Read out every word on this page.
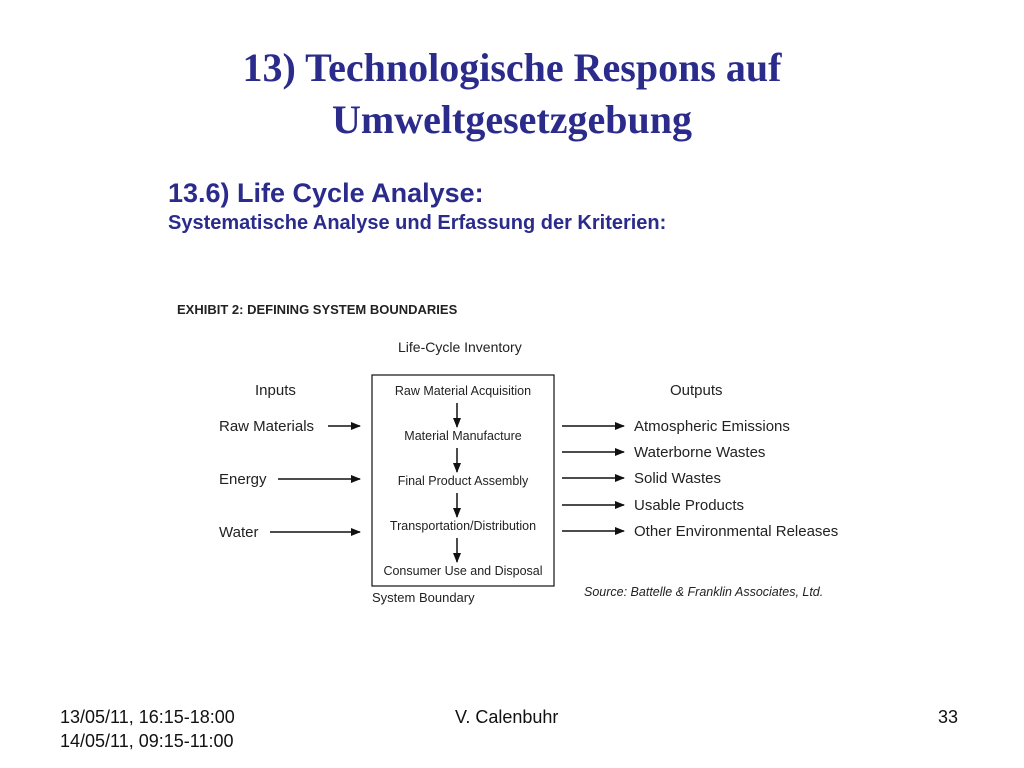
13) Technologische Respons auf
Umweltgesetzgebung
13.6) Life Cycle Analyse:
Systematische Analyse und Erfassung der Kriterien:
EXHIBIT 2: DEFINING SYSTEM BOUNDARIES
Life-Cycle Inventory
Inputs	Outputs
Raw Material Acquisition
Material Manufacture
Final Product Assembly
Transportation/Distribution
Consumer Use and Disposal
Raw Materials
Energy
Water
Atmospheric Emissions
Waterborne Wastes
Solid Wastes
Usable Products
Other Environmental Releases
System Boundary	Source: Battelle & Franklin Associates, Ltd.
13/05/11, 16:15-18:00
14/05/11, 09:15-11:00
V. Calenbuhr	33
